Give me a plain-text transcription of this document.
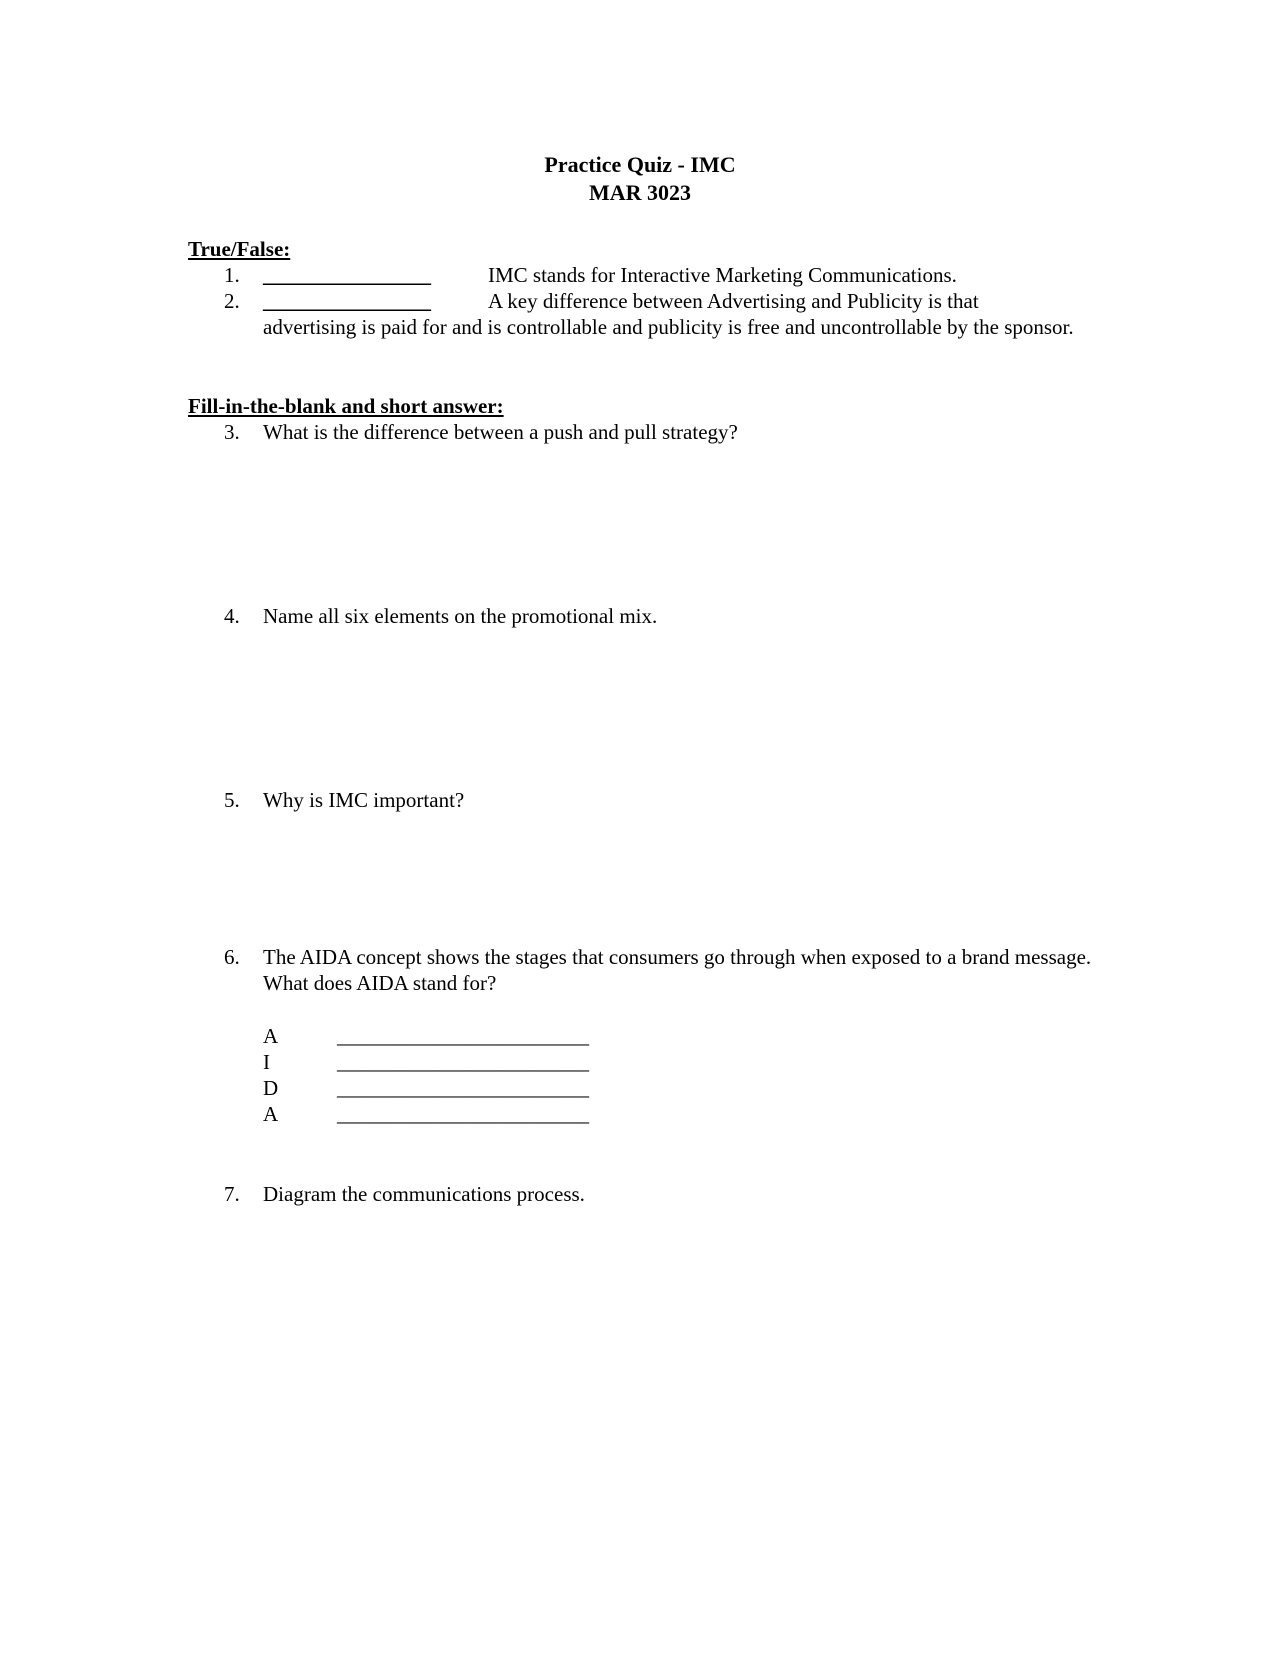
Practice Quiz - IMC
MAR 3023
True/False:
1. ________________	IMC stands for Interactive Marketing Communications.
2. ________________	A key difference between Advertising and Publicity is that
advertising is paid for and is controllable and publicity is free and uncontrollable by the sponsor.
Fill-in-the-blank and short answer:
3. What is the difference between a push and pull strategy?
4. Name all six elements on the promotional mix.
5. Why is IMC important?
6. The AIDA concept shows the stages that consumers go through when exposed to a brand message. What does AIDA stand for?
A	________________________
I	________________________
D	________________________
A	________________________
7. Diagram the communications process.
